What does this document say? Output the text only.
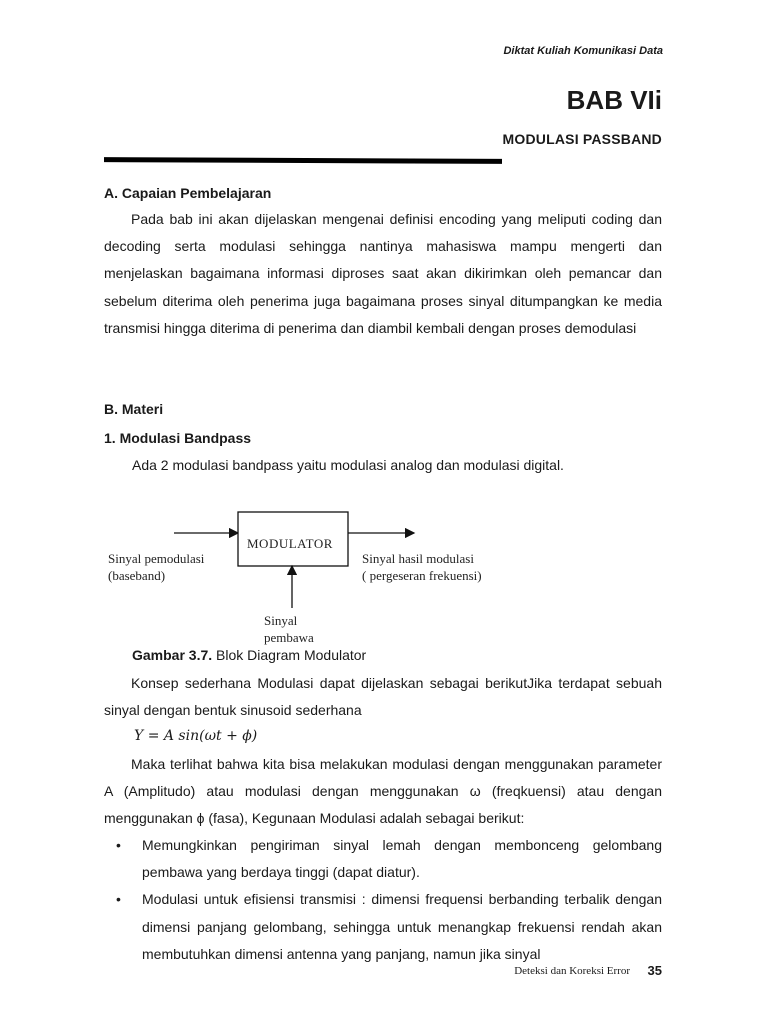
Diktat Kuliah Komunikasi Data
BAB VIi
MODULASI PASSBAND
A. Capaian Pembelajaran
Pada bab ini akan dijelaskan mengenai definisi encoding yang meliputi coding dan decoding serta modulasi sehingga nantinya mahasiswa mampu mengerti dan menjelaskan bagaimana informasi diproses saat akan dikirimkan oleh pemancar dan sebelum diterima oleh penerima juga bagaimana proses sinyal ditumpangkan ke media transmisi hingga diterima di penerima dan diambil kembali dengan proses demodulasi
B. Materi
1. Modulasi Bandpass
Ada 2 modulasi bandpass yaitu modulasi analog dan modulasi digital.
MODULATOR
Sinyal pemodulasi
(baseband)
Sinyal hasil modulasi
( pergeseran frekuensi)
Sinyal
pembawa
Gambar 3.7. Blok Diagram Modulator
Konsep sederhana Modulasi dapat dijelaskan sebagai berikutJika terdapat sebuah sinyal dengan bentuk sinusoid sederhana
Y = A sin(ωt + ϕ)
Maka terlihat bahwa kita bisa melakukan modulasi dengan menggunakan parameter A (Amplitudo) atau modulasi dengan menggunakan ω (freqkuensi) atau dengan menggunakan ϕ (fasa), Kegunaan Modulasi adalah sebagai berikut:
• Memungkinkan pengiriman sinyal lemah dengan membonceng gelombang pembawa yang berdaya tinggi (dapat diatur).
• Modulasi untuk efisiensi transmisi : dimensi frequensi berbanding terbalik dengan dimensi panjang gelombang, sehingga untuk menangkap frekuensi rendah akan membutuhkan dimensi antenna yang panjang, namun jika sinyal
Deteksi dan Koreksi Error 35
